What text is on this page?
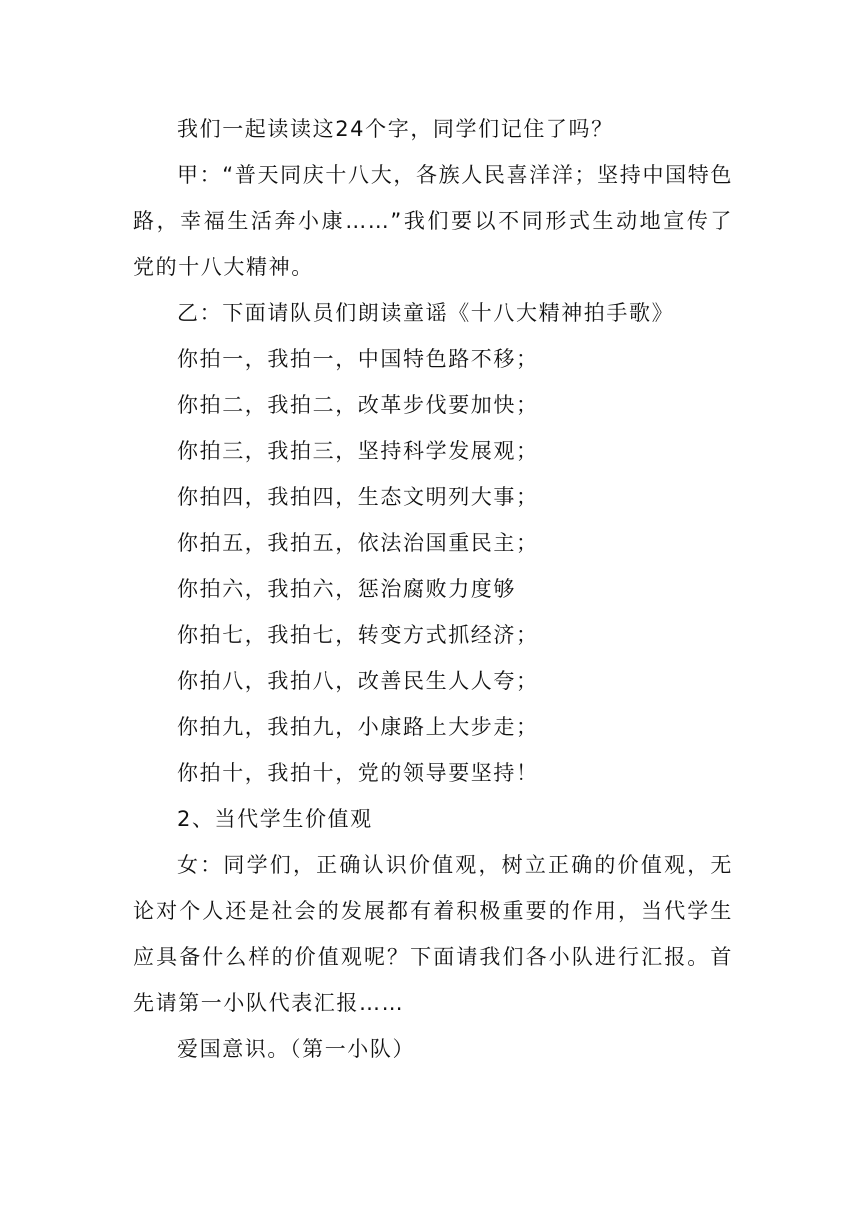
我们一起读读这24个字，同学们记住了吗？

甲：“普天同庆十八大，各族人民喜洋洋；坚持中国特色路，幸福生活奔小康……”我们要以不同形式生动地宣传了党的十八大精神。

乙：下面请队员们朗读童谣《十八大精神拍手歌》

你拍一，我拍一，中国特色路不移；

你拍二，我拍二，改革步伐要加快；

你拍三，我拍三，坚持科学发展观；

你拍四，我拍四，生态文明列大事；

你拍五，我拍五，依法治国重民主；

你拍六，我拍六，惩治腐败力度够

你拍七，我拍七，转变方式抓经济；

你拍八，我拍八，改善民生人人夸；

你拍九，我拍九，小康路上大步走；

你拍十，我拍十，党的领导要坚持！

2、当代学生价值观

女：同学们，正确认识价值观，树立正确的价值观，无论对个人还是社会的发展都有着积极重要的作用，当代学生应具备什么样的价值观呢？下面请我们各小队进行汇报。首先请第一小队代表汇报……

爱国意识。（第一小队）
